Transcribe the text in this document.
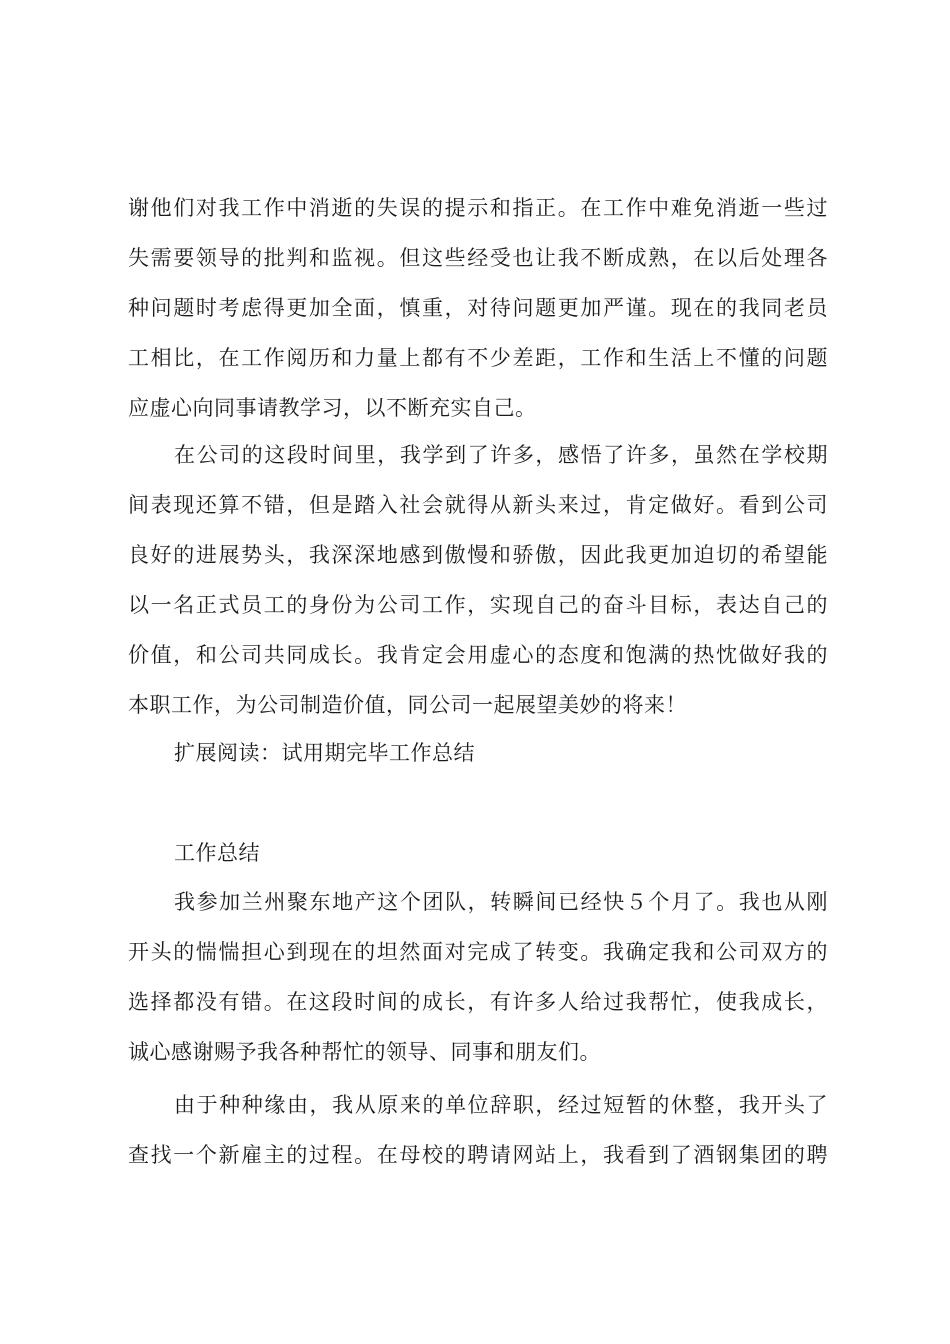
谢他们对我工作中消逝的失误的提示和指正。在工作中难免消逝一些过
失需要领导的批判和监视。但这些经受也让我不断成熟，在以后处理各
种问题时考虑得更加全面，慎重，对待问题更加严谨。现在的我同老员
工相比，在工作阅历和力量上都有不少差距，工作和生活上不懂的问题
应虚心向同事请教学习，以不断充实自己。
在公司的这段时间里，我学到了许多，感悟了许多，虽然在学校期
间表现还算不错，但是踏入社会就得从新头来过，肯定做好。看到公司
良好的进展势头，我深深地感到傲慢和骄傲，因此我更加迫切的希望能
以一名正式员工的身份为公司工作，实现自己的奋斗目标，表达自己的
价值，和公司共同成长。我肯定会用虚心的态度和饱满的热忱做好我的
本职工作，为公司制造价值，同公司一起展望美妙的将来！
扩展阅读：试用期完毕工作总结
工作总结
我参加兰州聚东地产这个团队，转瞬间已经快５个月了。我也从刚
开头的惴惴担心到现在的坦然面对完成了转变。我确定我和公司双方的
选择都没有错。在这段时间的成长，有许多人给过我帮忙，使我成长，
诚心感谢赐予我各种帮忙的领导、同事和朋友们。
由于种种缘由，我从原来的单位辞职，经过短暂的休整，我开头了
查找一个新雇主的过程。在母校的聘请网站上，我看到了酒钢集团的聘
